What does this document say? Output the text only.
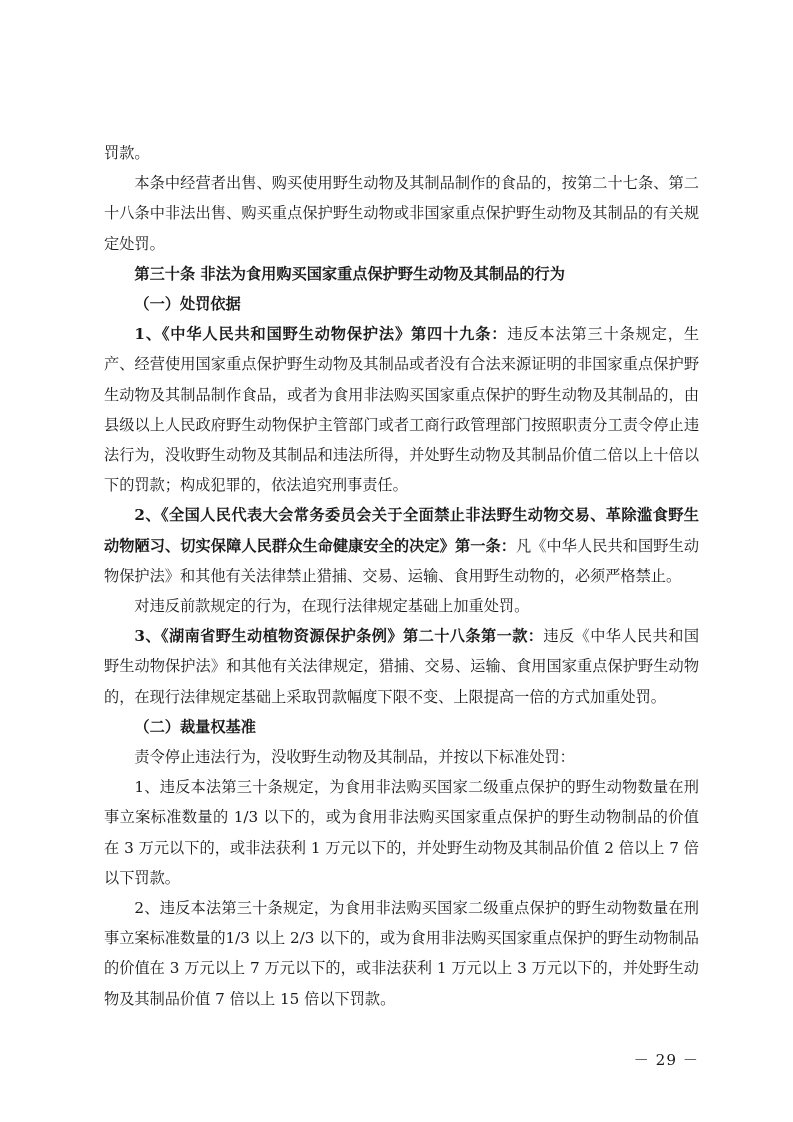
罚款。

本条中经营者出售、购买使用野生动物及其制品制作的食品的，按第二十七条、第二十八条中非法出售、购买重点保护野生动物或非国家重点保护野生动物及其制品的有关规定处罚。

第三十条 非法为食用购买国家重点保护野生动物及其制品的行为

（一）处罚依据

1、《中华人民共和国野生动物保护法》第四十九条：违反本法第三十条规定，生产、经营使用国家重点保护野生动物及其制品或者没有合法来源证明的非国家重点保护野生动物及其制品制作食品，或者为食用非法购买国家重点保护的野生动物及其制品的，由县级以上人民政府野生动物保护主管部门或者工商行政管理部门按照职责分工责令停止违法行为，没收野生动物及其制品和违法所得，并处野生动物及其制品价值二倍以上十倍以下的罚款；构成犯罪的，依法追究刑事责任。

2、《全国人民代表大会常务委员会关于全面禁止非法野生动物交易、革除滥食野生动物陋习、切实保障人民群众生命健康安全的决定》第一条：凡《中华人民共和国野生动物保护法》和其他有关法律禁止猎捕、交易、运输、食用野生动物的，必须严格禁止。

对违反前款规定的行为，在现行法律规定基础上加重处罚。

3、《湖南省野生动植物资源保护条例》第二十八条第一款：违反《中华人民共和国野生动物保护法》和其他有关法律规定，猎捕、交易、运输、食用国家重点保护野生动物的，在现行法律规定基础上采取罚款幅度下限不变、上限提高一倍的方式加重处罚。

（二）裁量权基准

责令停止违法行为，没收野生动物及其制品，并按以下标准处罚：

1、违反本法第三十条规定，为食用非法购买国家二级重点保护的野生动物数量在刑事立案标准数量的 1/3 以下的，或为食用非法购买国家重点保护的野生动物制品的价值在 3 万元以下的，或非法获利 1 万元以下的，并处野生动物及其制品价值 2 倍以上 7 倍以下罚款。

2、违反本法第三十条规定，为食用非法购买国家二级重点保护的野生动物数量在刑事立案标准数量的1/3 以上 2/3 以下的，或为食用非法购买国家重点保护的野生动物制品的价值在 3 万元以上 7 万元以下的，或非法获利 1 万元以上 3 万元以下的，并处野生动物及其制品价值 7 倍以上 15 倍以下罚款。

－ 29 －
